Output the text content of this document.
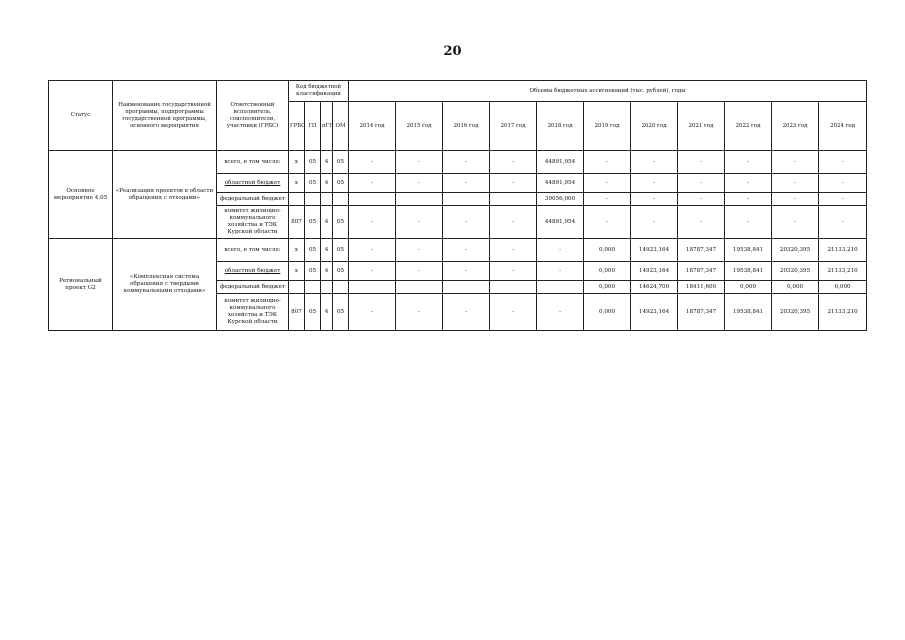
20
Статус	Наименование государственной программы, подпрограммы государственной программы, основного мероприятия	Ответственный исполнитель, соисполнители, участники (ГРБС)	Код бюджетной классификации				Объемы бюджетных ассигнований (тыс. рублей), годы										
			ГРБС	ГП	пГП	ОМ	2014 год	2015 год	2016 год	2017 год	2018 год	2019 год	2020 год	2021 год	2022 год	2023 год	2024 год
Основное мероприятие 4.05	«Реализация проектов в области обращения с отходами»	всего, в том числе:	х	05	4	05	-	-	-	-	44891,954	-	-	-	-	-	-
		областной бюджет	х	05	4	05	-	-	-	-	44891,954	-	-	-	-	-	-
		федеральный бюджет									39056,000	-	-	-	-	-	-
		комитет жилищно-коммунального хозяйства и ТЭК Курской области	807	05	4	05	-	-	-	-	44891,954	-	-	-	-	-	-
Региональный проект G2	«Комплексная система обращения с твердыми коммунальными отходами»	всего, в том числе:	х	05	4	05	-	-	-	-	-	0,000	14923,164	18787,347	19538,841	20320,395	21133,210
		областной бюджет	х	05	4	05	-	-	-	-	-	0,000	14923,164	18787,347	19538,841	20320,395	21133,210
		федеральный бюджет										0,000	14624,700	18411,600	0,000	0,000	0,000
		комитет жилищно-коммунального хозяйства и ТЭК Курской области	807	05	4	05	-	-	-	-	-	0,000	14923,164	18787,347	19538,841	20320,395	21133,210
